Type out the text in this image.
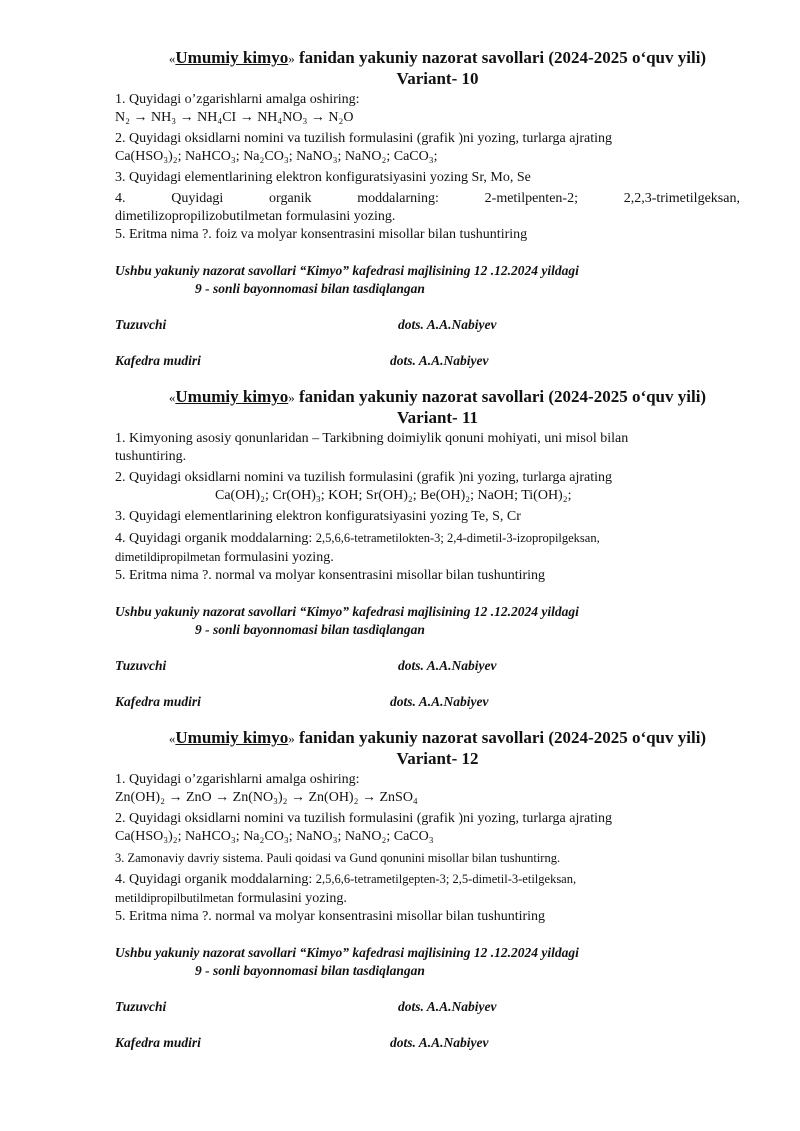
«Umumiy kimyo» fanidan yakuniy nazorat savollari (2024-2025 o‘quv yili)
Variant- 10

1. Quyidagi o’zgarishlarni amalga oshiring:

N₂ → NH₃ → NH₄CI → NH₄NO₃ → N₂O

2. Quyidagi oksidlarni nomini va tuzilish formulasini (grafik )ni yozing, turlarga ajrating

Ca(HSO₃)₂; NaHCO₃; Na₂CO₃; NaNO₃; NaNO₂; CaCO₃;

3. Quyidagi elementlarining elektron konfiguratsiyasini yozing Sr, Mo, Se

4.	Quyidagi	organik	moddalarning:	2-metilpenten-2;	2,2,3-trimetilgeksan,

dimetilizopropilizobutilmetan formulasini yozing.

5. Eritma nima ?. foiz va molyar konsentrasini misollar bilan tushuntiring

Ushbu yakuniy nazorat savollari “Kimyo” kafedrasi majlisining 12 .12.2024 yildagi
9 - sonli bayonnomasi bilan tasdiqlangan
Tuzuvchi	dots. A.A.Nabiyev
Kafedra mudiri	dots. A.A.Nabiyev
«Umumiy kimyo» fanidan yakuniy nazorat savollari (2024-2025 o‘quv yili)
Variant- 11

1. Kimyoning asosiy qonunlaridan – Tarkibning doimiylik qonuni mohiyati, uni misol bilan

tushuntiring.

2. Quyidagi oksidlarni nomini va tuzilish formulasini (grafik )ni yozing, turlarga ajrating

Ca(OH)₂; Cr(OH)₃; KOH; Sr(OH)₂; Be(OH)₂; NaOH; Ti(OH)₂;

3. Quyidagi elementlarining elektron konfiguratsiyasini yozing Te, S, Cr

4. Quyidagi organik moddalarning: 2,5,6,6-tetrametilokten-3; 2,4-dimetil-3-izopropilgeksan,

dimetildipropilmetan formulasini yozing.

5. Eritma nima ?. normal va molyar konsentrasini misollar bilan tushuntiring

Ushbu yakuniy nazorat savollari “Kimyo” kafedrasi majlisining 12 .12.2024 yildagi
9 - sonli bayonnomasi bilan tasdiqlangan
Tuzuvchi	dots. A.A.Nabiyev
Kafedra mudiri	dots. A.A.Nabiyev
«Umumiy kimyo» fanidan yakuniy nazorat savollari (2024-2025 o‘quv yili)
Variant- 12

1. Quyidagi o’zgarishlarni amalga oshiring:

Zn(OH)₂ → ZnO → Zn(NO₃)₂ → Zn(OH)₂ → ZnSO₄

2. Quyidagi oksidlarni nomini va tuzilish formulasini (grafik )ni yozing, turlarga ajrating

Ca(HSO₃)₂; NaHCO₃; Na₂CO₃; NaNO₃; NaNO₂; CaCO₃

3. Zamonaviy davriy sistema. Pauli qoidasi va Gund qonunini misollar bilan tushuntirng.

4. Quyidagi organik moddalarning: 2,5,6,6-tetrametilgepten-3; 2,5-dimetil-3-etilgeksan,

metildipropilbutilmetan formulasini yozing.

5. Eritma nima ?. normal va molyar konsentrasini misollar bilan tushuntiring

Ushbu yakuniy nazorat savollari “Kimyo” kafedrasi majlisining 12 .12.2024 yildagi
9 - sonli bayonnomasi bilan tasdiqlangan
Tuzuvchi	dots. A.A.Nabiyev
Kafedra mudiri	dots. A.A.Nabiyev
